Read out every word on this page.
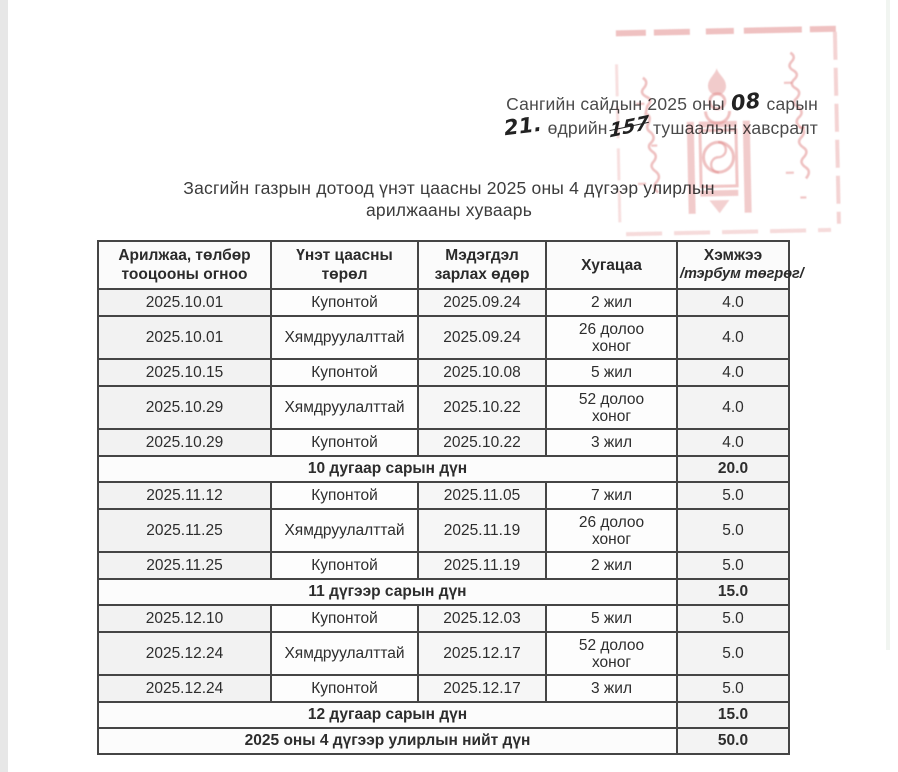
Сангийн сайдын 2025 оны 08 сарын
21. өдрийн157 тушаалын хавсралт
Засгийн газрын дотоод үнэт цаасны 2025 оны 4 дүгээр улирлын
арилжааны хуваарь
Арилжаа, төлбөр тооцооны огноо	Үнэт цаасны төрөл	Мэдэгдэл зарлах өдөр	Хугацаа	Хэмжээ
/тэрбум төгрөг/

2025.10.01	Купонтой	2025.09.24	2 жил	4.0
2025.10.01	Хямдруулалттай	2025.09.24	26 долоо
хоног	4.0
2025.10.15	Купонтой	2025.10.08	5 жил	4.0
2025.10.29	Хямдруулалттай	2025.10.22	52 долоо
хоног	4.0
2025.10.29	Купонтой	2025.10.22	3 жил	4.0
10 дугаар сарын дүн				20.0
2025.11.12	Купонтой	2025.11.05	7 жил	5.0
2025.11.25	Хямдруулалттай	2025.11.19	26 долоо
хоног	5.0
2025.11.25	Купонтой	2025.11.19	2 жил	5.0
11 дүгээр сарын дүн				15.0
2025.12.10	Купонтой	2025.12.03	5 жил	5.0
2025.12.24	Хямдруулалттай	2025.12.17	52 долоо
хоног	5.0
2025.12.24	Купонтой	2025.12.17	3 жил	5.0
12 дугаар сарын дүн				15.0
2025 оны 4 дүгээр улирлын нийт дүн				50.0
